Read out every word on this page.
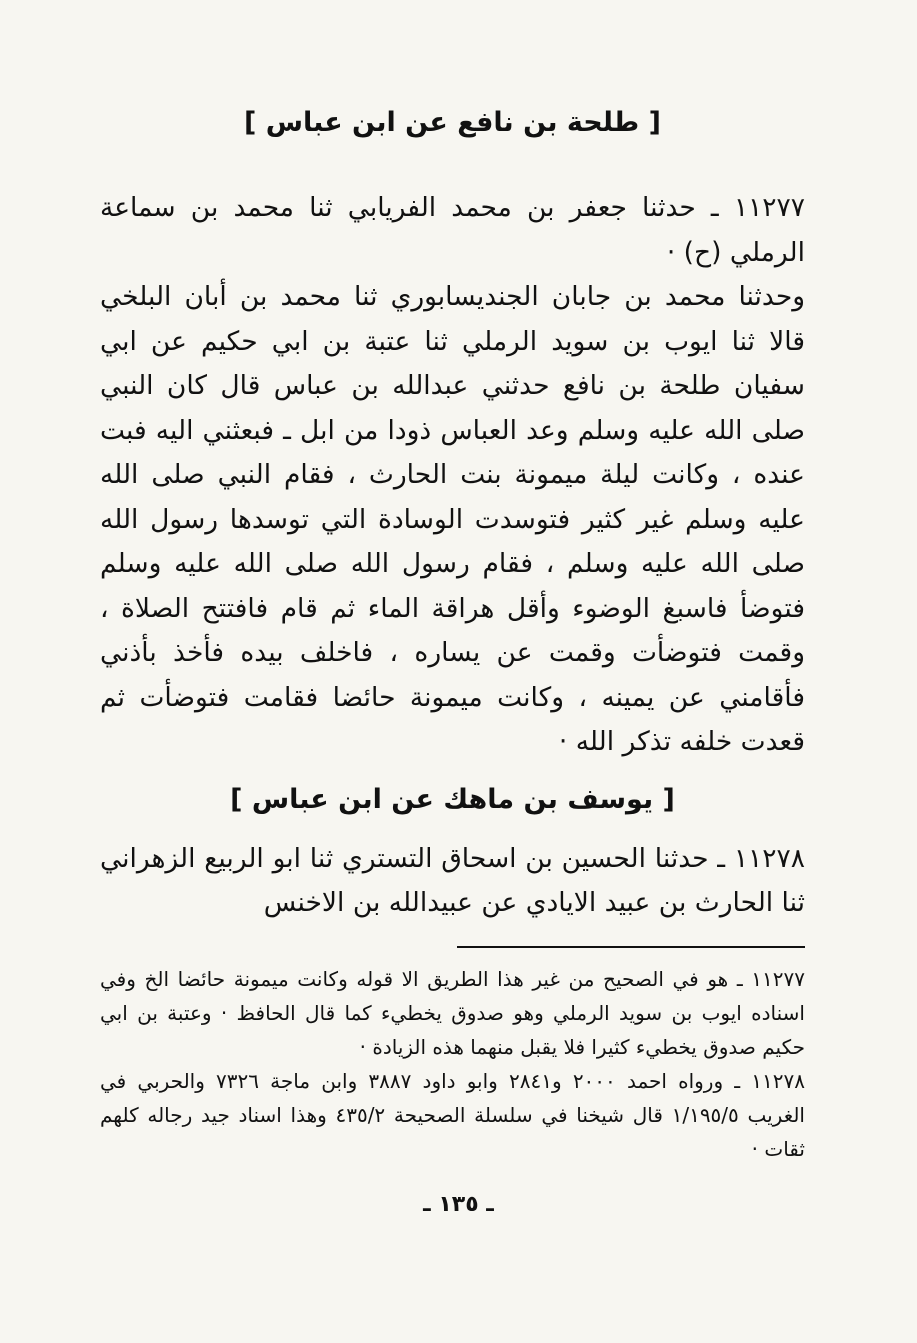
[ طلحة بن نافع عن ابن عباس ]

١١٢٧٧ ـ حدثنا جعفر بن محمد الفريابي ثنا محمد بن سماعة الرملي (ح) ·

وحدثنا محمد بن جابان الجنديسابوري ثنا محمد بن أبان البلخي قالا ثنا ايوب بن سويد الرملي ثنا عتبة بن ابي حكيم عن ابي سفيان طلحة بن نافع حدثني عبدالله بن عباس قال كان النبي صلى الله عليه وسلم وعد العباس ذودا من ابل ـ فبعثني اليه فبت عنده ، وكانت ليلة ميمونة بنت الحارث ، فقام النبي صلى الله عليه وسلم غير كثير فتوسدت الوسادة التي توسدها رسول الله صلى الله عليه وسلم ، فقام رسول الله صلى الله عليه وسلم فتوضأ فاسبغ الوضوء وأقل هراقة الماء ثم قام فافتتح الصلاة ، وقمت فتوضأت وقمت عن يساره ، فاخلف بيده فأخذ بأذني فأقامني عن يمينه ، وكانت ميمونة حائضا فقامت فتوضأت ثم قعدت خلفه تذكر الله ·

[ يوسف بن ماهك عن ابن عباس ]

١١٢٧٨ ـ حدثنا الحسين بن اسحاق التستري ثنا ابو الربيع الزهراني ثنا الحارث بن عبيد الايادي عن عبيدالله بن الاخنس

١١٢٧٧ ـ هو في الصحيح من غير هذا الطريق الا قوله وكانت ميمونة حائضا الخ وفي اسناده ايوب بن سويد الرملي وهو صدوق يخطيء كما قال الحافظ · وعتبة بن ابي حكيم صدوق يخطيء كثيرا فلا يقبل منهما هذه الزيادة ·

١١٢٧٨ ـ ورواه احمد ٢٠٠٠ و٢٨٤١ وابو داود ٣٨٨٧ وابن ماجة ٧٣٢٦ والحربي في الغريب ١/١٩٥/٥ قال شيخنا في سلسلة الصحيحة ٤٣٥/٢ وهذا اسناد جيد رجاله كلهم ثقات ·

ـ ١٣٥ ـ
